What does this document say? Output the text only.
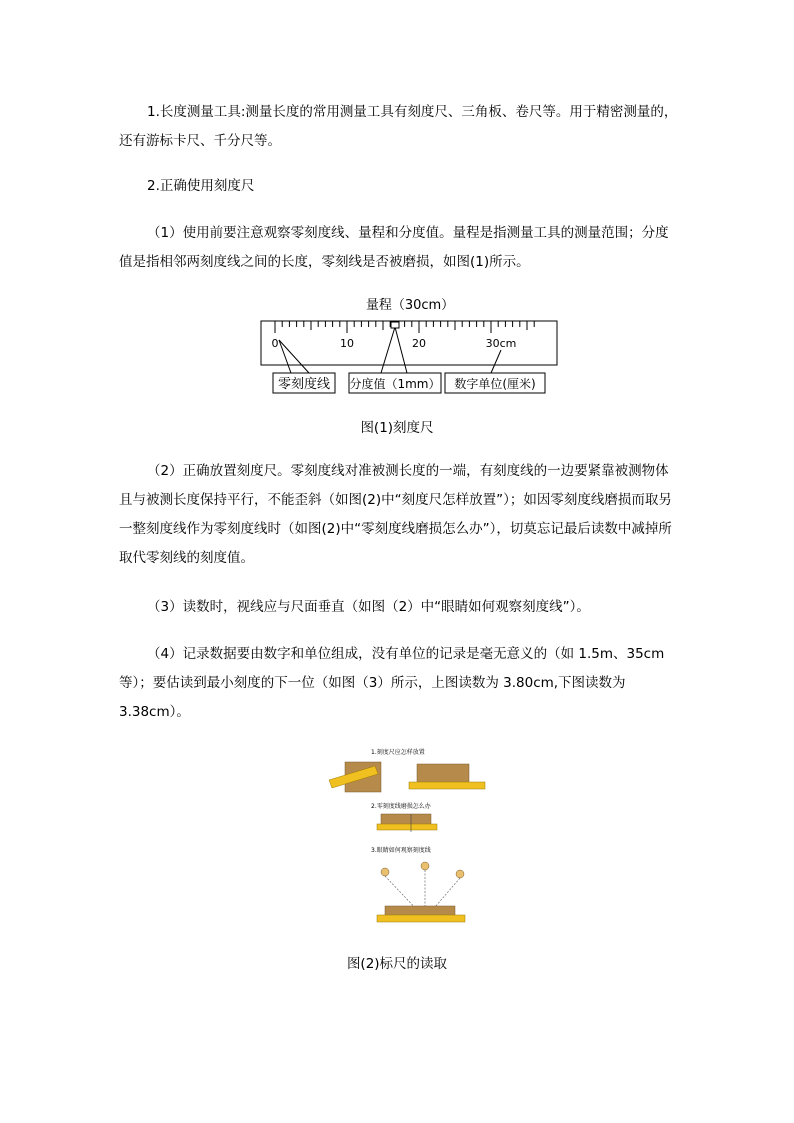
1.长度测量工具:测量长度的常用测量工具有刻度尺、三角板、卷尺等。用于精密测量的，还有游标卡尺、千分尺等。

2.正确使用刻度尺

（1）使用前要注意观察零刻度线、量程和分度值。量程是指测量工具的测量范围；分度值是指相邻两刻度线之间的长度，零刻线是否被磨损，如图(1)所示。

量程（30cm）
0	10	20	30cm
零刻度线 分度值（1mm） 数字单位(厘米)
图(1)刻度尺

（2）正确放置刻度尺。零刻度线对准被测长度的一端，有刻度线的一边要紧靠被测物体且与被测长度保持平行，不能歪斜（如图(2)中“刻度尺怎样放置”）；如因零刻度线磨损而取另一整刻度线作为零刻度线时（如图(2)中“零刻度线磨损怎么办”），切莫忘记最后读数中减掉所取代零刻线的刻度值。

（3）读数时，视线应与尺面垂直（如图（2）中“眼睛如何观察刻度线”）。

（4）记录数据要由数字和单位组成，没有单位的记录是毫无意义的（如 1.5m、35cm 等）；要估读到最小刻度的下一位（如图（3）所示，上图读数为 3.80cm,下图读数为 3.38cm）。

1.刻度尺应怎样放置
2.零刻度线磨损怎么办
3.眼睛如何观察刻度线
图(2)标尺的读取
